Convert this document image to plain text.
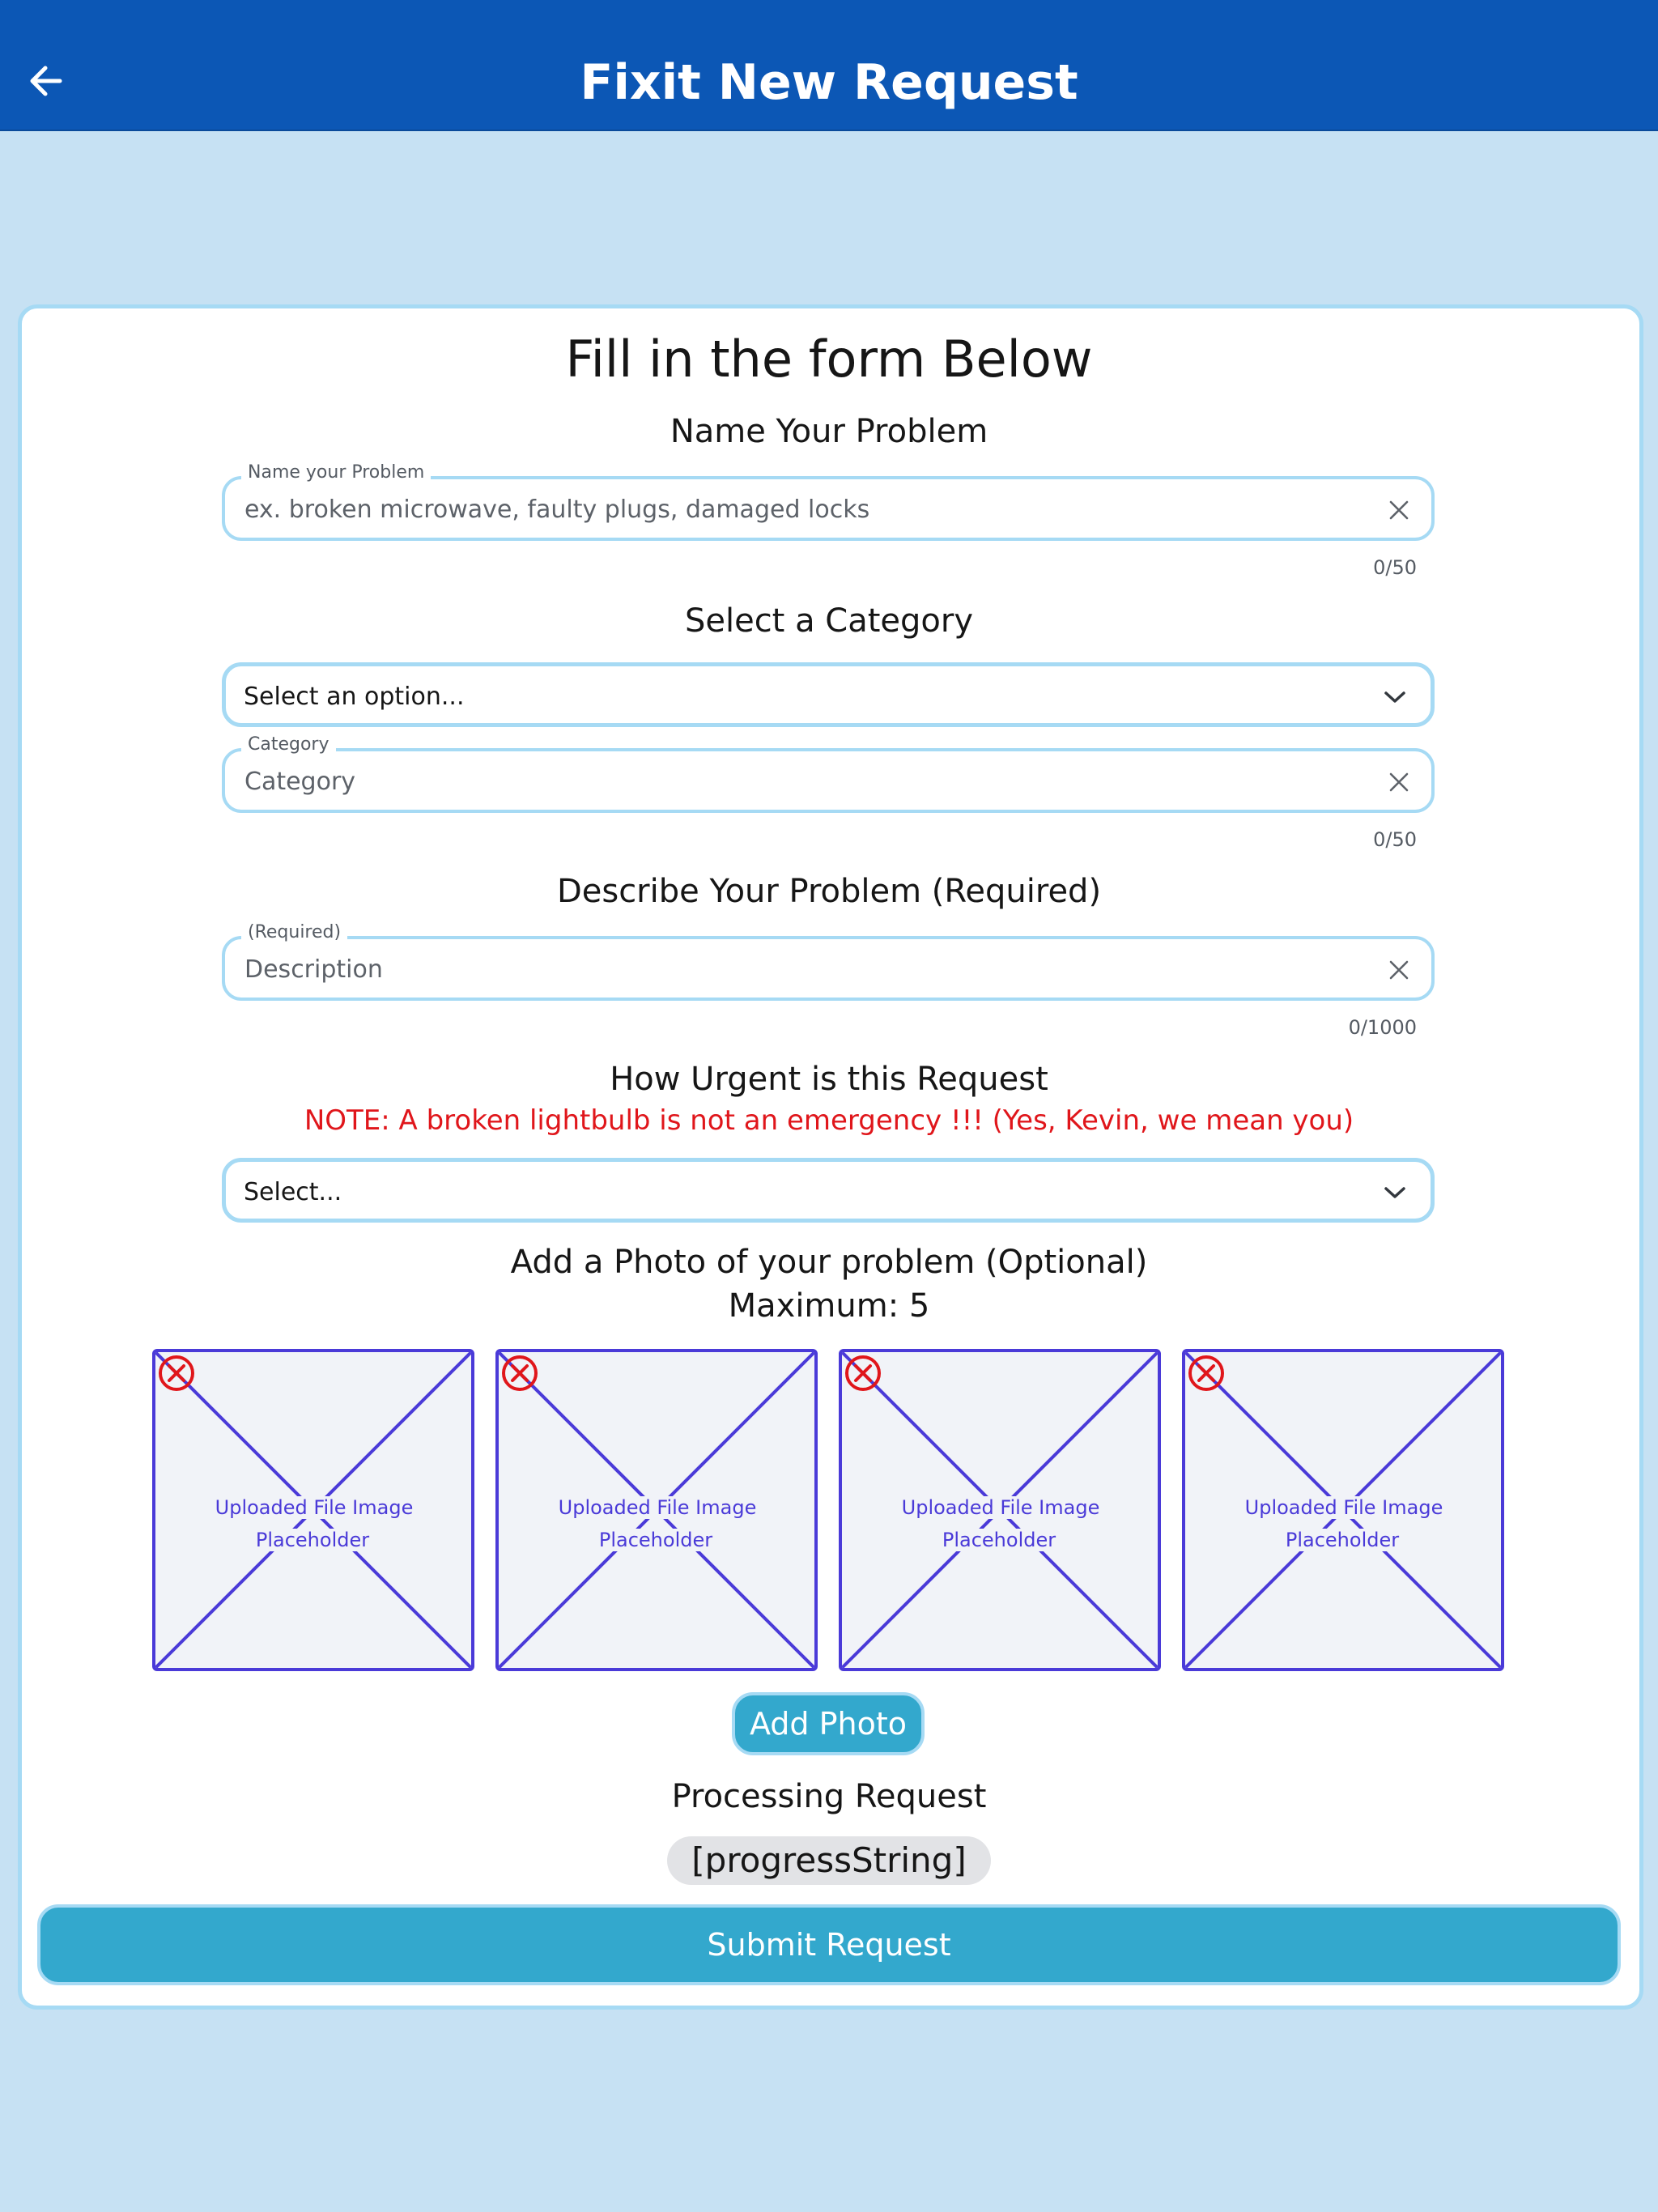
Fixit New Request
Fill in the form Below
Name Your Problem
Name your Problem
ex. broken microwave, faulty plugs, damaged locks
0/50
Select a Category
Select an option...
Category
Category
0/50
Describe Your Problem (Required)
(Required)
Description
0/1000
How Urgent is this Request
NOTE: A broken lightbulb is not an emergency !!! (Yes, Kevin, we mean you)
Select...
Add a Photo of your problem (Optional)
Maximum: 5
Uploaded File Image Placeholder
Uploaded File Image Placeholder
Uploaded File Image Placeholder
Uploaded File Image Placeholder
Add Photo
Processing Request
[progressString]
Submit Request
